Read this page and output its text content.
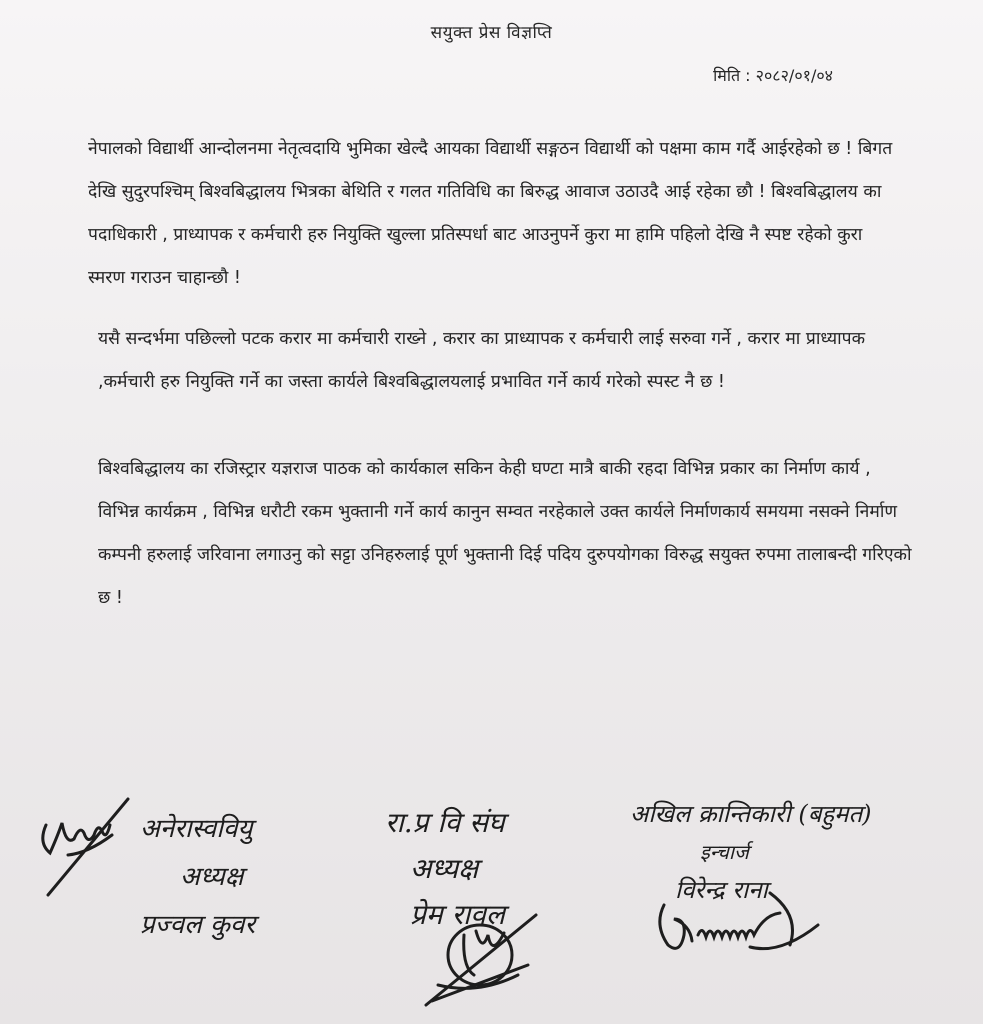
सयुक्त प्रेस विज्ञप्ति
मिति : २०८२/०१/०४
नेपालको विद्यार्थी आन्दोलनमा नेतृत्वदायि भुमिका खेल्दै आयका विद्यार्थी सङ्गठन विद्यार्थी को पक्षमा काम गर्दै आईरहेको छ ! बिगत देखि सुदुरपश्चिम् बिश्वबिद्धालय भित्रका बेथिति र गलत गतिविधि का बिरुद्ध आवाज उठाउदै आई रहेका छौ ! बिश्वबिद्धालय का पदाधिकारी , प्राध्यापक र कर्मचारी हरु नियुक्ति खुल्ला प्रतिस्पर्धा बाट आउनुपर्ने कुरा मा हामि पहिलो देखि नै स्पष्ट रहेको कुरा स्मरण गराउन चाहान्छौ !
यसै सन्दर्भमा पछिल्लो पटक करार मा कर्मचारी राख्ने , करार का प्राध्यापक र कर्मचारी लाई सरुवा गर्ने , करार मा प्राध्यापक ,कर्मचारी हरु नियुक्ति गर्ने का जस्ता कार्यले बिश्वबिद्धालयलाई प्रभावित गर्ने कार्य गरेको स्पस्ट नै छ !
बिश्वबिद्धालय का रजिस्ट्रार यज्ञराज पाठक को कार्यकाल सकिन केही घण्टा मात्रै बाकी रहदा विभिन्न प्रकार का निर्माण कार्य , विभिन्न कार्यक्रम , विभिन्न धरौटी रकम भुक्तानी गर्ने कार्य कानुन सम्वत नरहेकाले उक्त कार्यले निर्माणकार्य समयमा नसक्ने निर्माण कम्पनी हरुलाई जरिवाना लगाउनु को सट्टा उनिहरुलाई पूर्ण भुक्तानी दिई पदिय दुरुपयोगका विरुद्ध सयुक्त रुपमा तालाबन्दी गरिएको छ !
अनेरास्ववियु
अध्यक्ष
प्रज्वल कुवर
रा.प्र वि संघ
अध्यक्ष
प्रेम रावल
अखिल क्रान्तिकारी (बहुमत)
इन्चार्ज
विरेन्द्र राना
